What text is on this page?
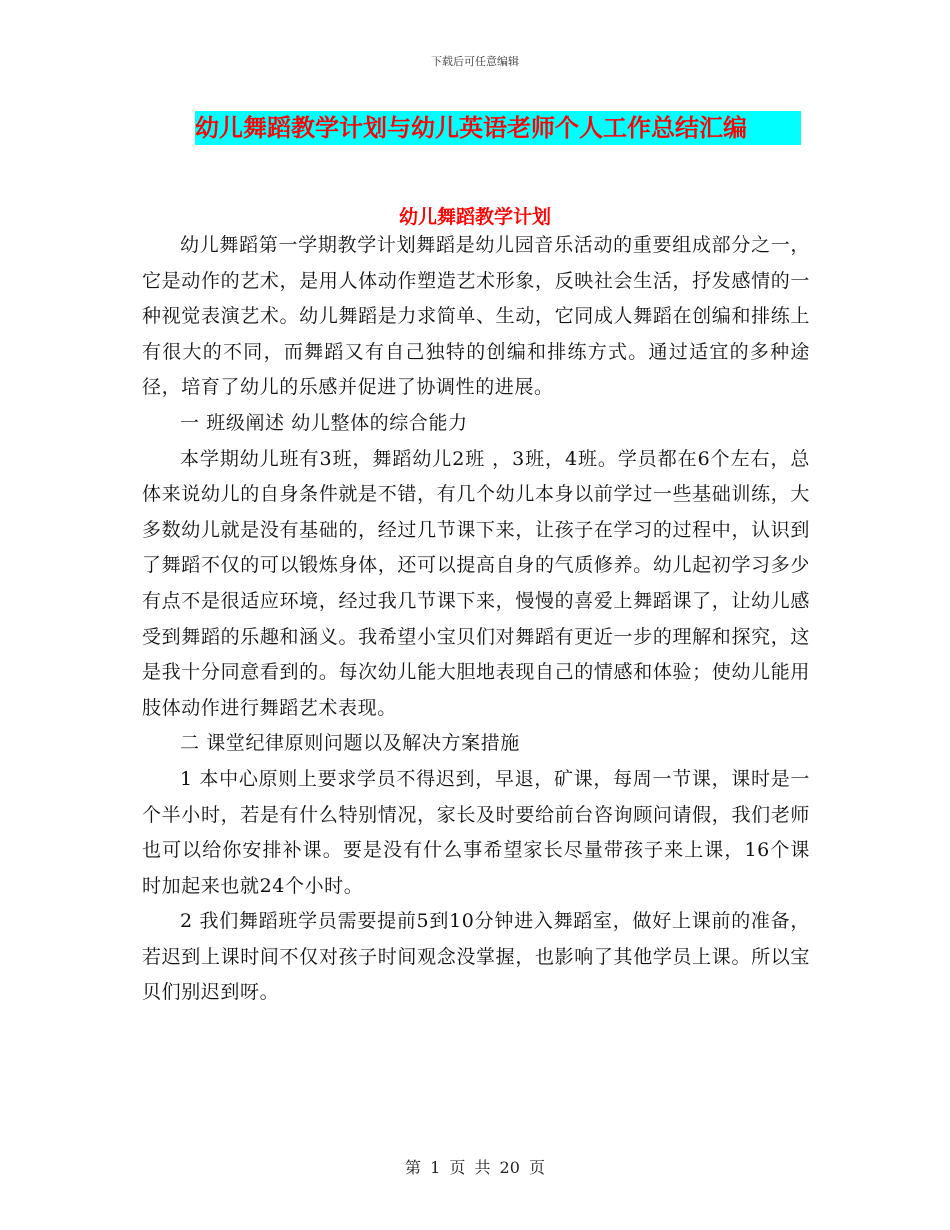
下载后可任意编辑
幼儿舞蹈教学计划与幼儿英语老师个人工作总结汇编
幼儿舞蹈教学计划

幼儿舞蹈第一学期教学计划舞蹈是幼儿园音乐活动的重要组成部分之一，它是动作的艺术，是用人体动作塑造艺术形象，反映社会生活，抒发感情的一种视觉表演艺术。幼儿舞蹈是力求简单、生动，它同成人舞蹈在创编和排练上有很大的不同，而舞蹈又有自己独特的创编和排练方式。通过适宜的多种途径，培育了幼儿的乐感并促进了协调性的进展。

一 班级阐述 幼儿整体的综合能力

本学期幼儿班有3班，舞蹈幼儿2班 ，3班，4班。学员都在6个左右，总体来说幼儿的自身条件就是不错，有几个幼儿本身以前学过一些基础训练，大多数幼儿就是没有基础的，经过几节课下来，让孩子在学习的过程中，认识到了舞蹈不仅的可以锻炼身体，还可以提高自身的气质修养。幼儿起初学习多少有点不是很适应环境，经过我几节课下来，慢慢的喜爱上舞蹈课了，让幼儿感受到舞蹈的乐趣和涵义。我希望小宝贝们对舞蹈有更近一步的理解和探究，这是我十分同意看到的。每次幼儿能大胆地表现自己的情感和体验；使幼儿能用肢体动作进行舞蹈艺术表现。

二 课堂纪律原则问题以及解决方案措施

1 本中心原则上要求学员不得迟到，早退，矿课，每周一节课，课时是一个半小时，若是有什么特别情况，家长及时要给前台咨询顾问请假，我们老师也可以给你安排补课。要是没有什么事希望家长尽量带孩子来上课，16个课时加起来也就24个小时。

2 我们舞蹈班学员需要提前5到10分钟进入舞蹈室，做好上课前的准备，若迟到上课时间不仅对孩子时间观念没掌握，也影响了其他学员上课。所以宝贝们别迟到呀。

第 1 页 共 20 页
